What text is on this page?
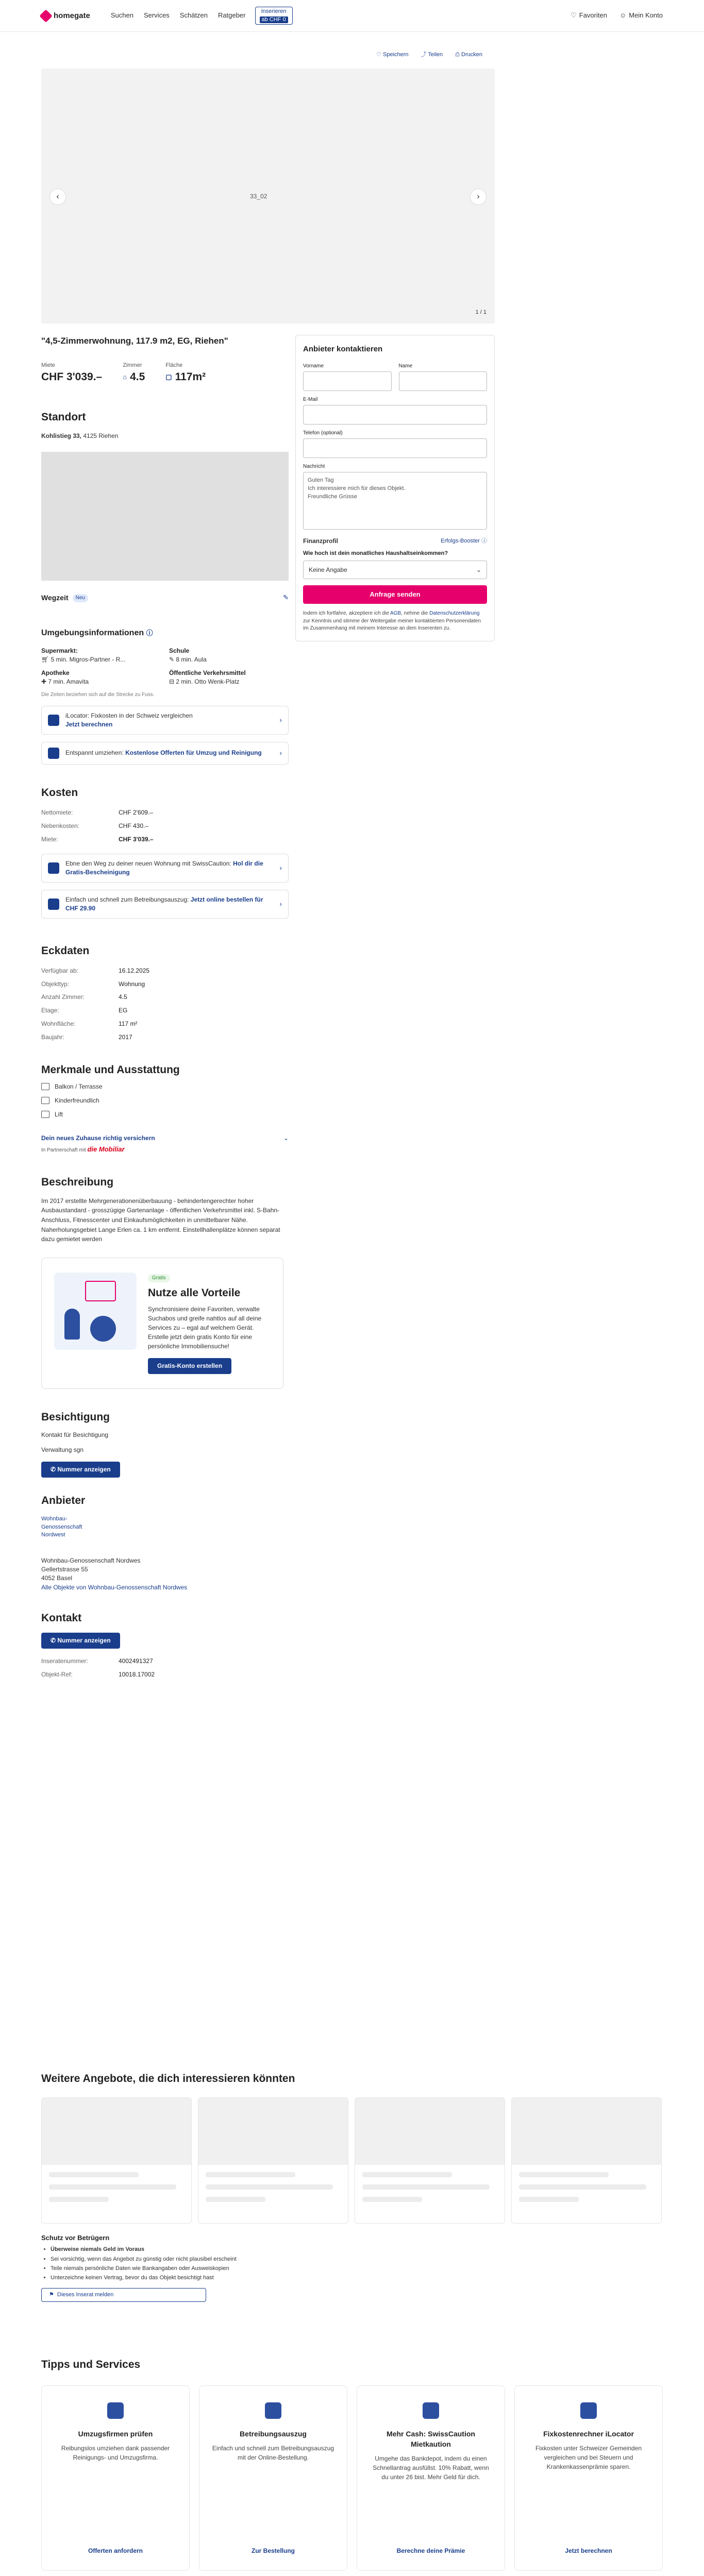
homegate	Suchen Services Schätzen Ratgeber
Inserieren
ab CHF 0
♡ Favoriten ☺ Mein Konto
♡ Speichern ⤴ Teilen ⎙ Drucken
33_02
‹	›
1 / 1
"4,5-Zimmerwohnung, 117.9 m2, EG, Riehen"
Miete
CHF 3'039.–
Zimmer
⌂ 4.5
Fläche
▢ 117m²
Standort
Kohlistieg 33, 4125 Riehen
Wegzeit	Neu	✎
Umgebungsinformationen ⓘ
Supermarkt:
🛒︎ 5 min. Migros-Partner - R...
Schule
✎ 8 min. Aula
Apotheke
✚ 7 min. Amavita
Öffentliche Verkehrsmittel
⊟ 2 min. Otto Wenk-Platz
Die Zeiten beziehen sich auf die Strecke zu Fuss.
iLocator: Fixkosten in der Schweiz vergleichen
Jetzt berechnen
›
Entspannt umziehen: Kostenlose Offerten für Umzug und Reinigung	›
Kosten
Nettomiete:	CHF 2'609.–
Nebenkosten:	CHF 430.–
Miete:	CHF 3'039.–
Ebne den Weg zu deiner neuen Wohnung mit SwissCaution: Hol dir die Gratis-Bescheinigung
›
Einfach und schnell zum Betreibungsauszug: Jetzt online bestellen für CHF 29.90
›
Eckdaten
Verfügbar ab:	16.12.2025
Objekttyp:	Wohnung
Anzahl Zimmer:	4.5
Etage:	EG
Wohnfläche:	117 m²
Baujahr:	2017
Merkmale und Ausstattung
Balkon / Terrasse
Kinderfreundlich
Lift
Dein neues Zuhause richtig versichern	⌄
In Partnerschaft mit die Mobiliar
Beschreibung
Im 2017 erstellte Mehrgenerationenüberbauung - behindertengerechter hoher Ausbaustandard - grosszügige Gartenanlage - öffentlichen Verkehrsmittel inkl. S-Bahn-Anschluss, Fitnesscenter und Einkaufsmöglichkeiten in unmittelbarer Nähe. Naherholungsgebiet Lange Erlen ca. 1 km entfernt. Einstellhallenplätze können separat dazu gemietet werden
Gratis
Nutze alle Vorteile

Synchronisiere deine Favoriten, verwalte Suchabos und greife nahtlos auf all deine Services zu – egal auf welchem Gerät. Erstelle jetzt dein gratis Konto für eine persönliche Immobiliensuche!

Gratis-Konto erstellen
Besichtigung
Kontakt für Besichtigung
Verwaltung sgn
✆ Nummer anzeigen
Anbieter
Wohnbau-Genossenschaft Nordwest
Wohnbau-Genossenschaft Nordwes
Gellertstrasse 55
4052 Basel
Alle Objekte von Wohnbau-Genossenschaft Nordwes
Kontakt
✆ Nummer anzeigen
Inseratenummer:	4002491327
Objekt-Ref:	10018.17002
Anbieter kontaktieren
Vorname	Name
E-Mail
Telefon (optional)
Nachricht
Guten Tag
Ich interessiere mich für dieses Objekt.
Freundliche Grüsse
Finanzprofil	Erfolgs-Booster ⓘ
Wie hoch ist dein monatliches Haushaltseinkommen?
Keine Angabe	⌄
Anfrage senden
Indem ich fortfahre, akzeptiere ich die AGB, nehme die Datenschutzerklärung zur Kenntnis und stimme der Weitergabe meiner kontaktierten Personendaten im Zusammenhang mit meinem Interesse an dem Inserenten zu.
Weitere Angebote, die dich interessieren könnten
Schutz vor Betrügern
• Überweise niemals Geld im Voraus
• Sei vorsichtig, wenn das Angebot zu günstig oder nicht plausibel erscheint
• Teile niemals persönliche Daten wie Bankangaben oder Ausweiskopien
• Unterzeichne keinen Vertrag, bevor du das Objekt besichtigt hast
⚑ Dieses Inserat melden
Tipps und Services
Umzugsfirmen prüfen

Reibungslos umziehen dank passender Reinigungs- und Umzugsfirma.

Offerten anfordern
Betreibungsauszug

Einfach und schnell zum Betreibungsauszug mit der Online-Bestellung.

Zur Bestellung
Mehr Cash: SwissCaution Mietkaution

Umgehe das Bankdepot, indem du einen Schnellantrag ausfüllst. 10% Rabatt, wenn du unter 26 bist. Mehr Geld für dich.

Berechne deine Prämie
Fixkostenrechner iLocator

Fixkosten unter Schweizer Gemeinden vergleichen und bei Steuern und Krankenkassenprämie sparen.

Jetzt berechnen
